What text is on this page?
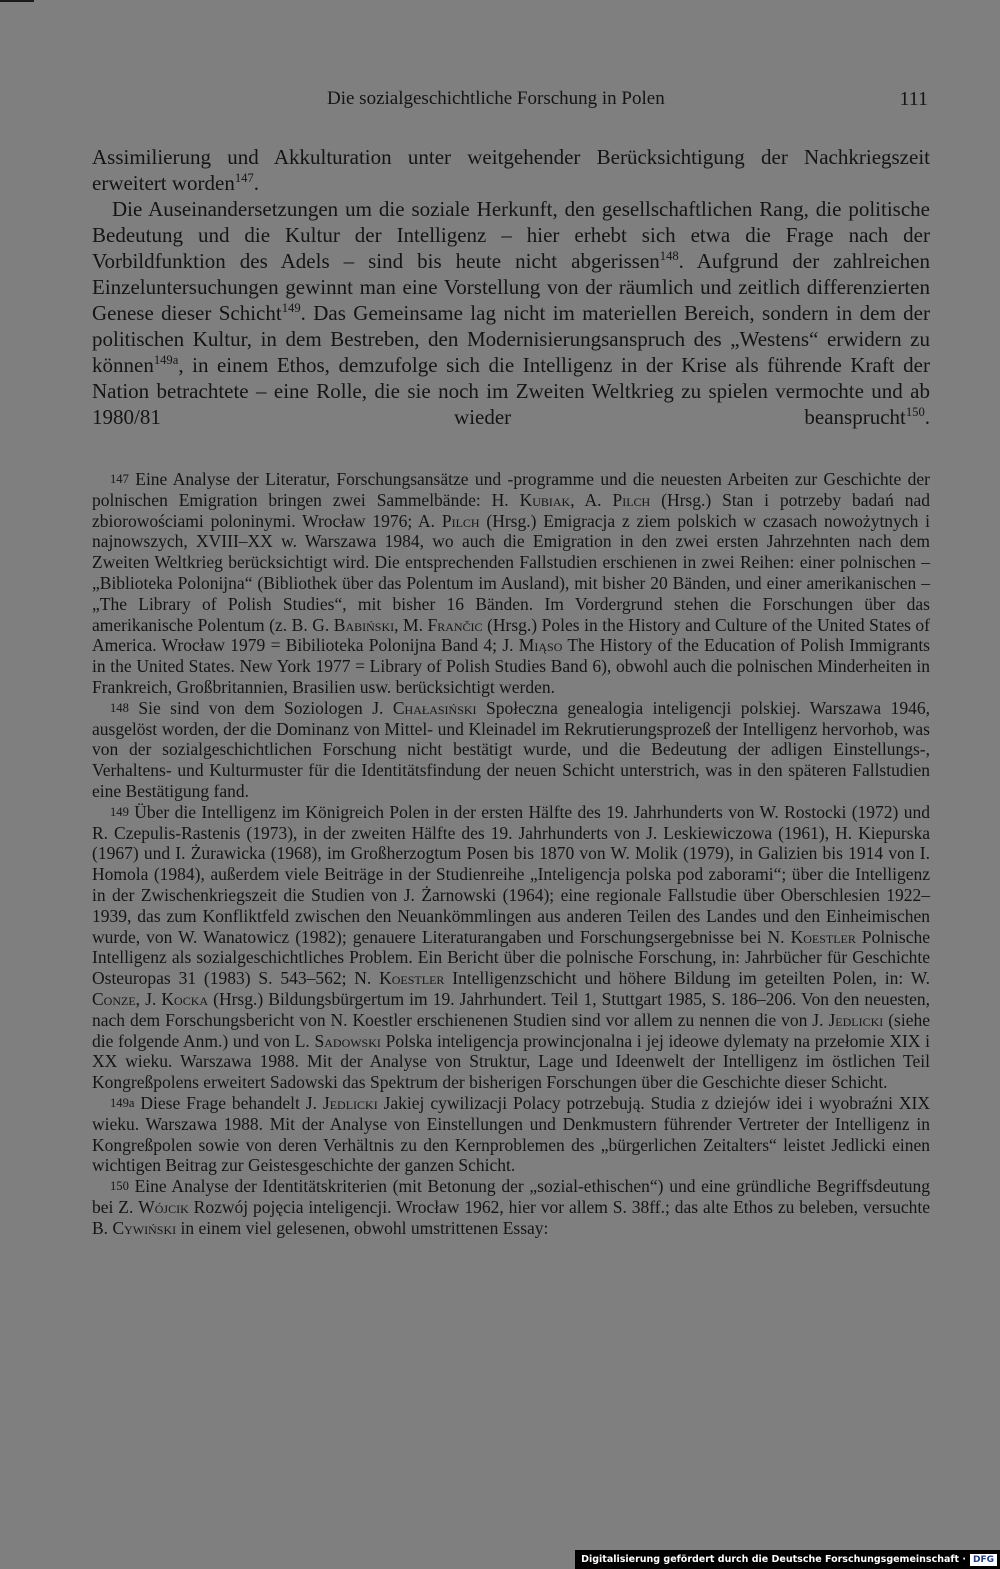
Die sozialgeschichtliche Forschung in Polen	111

Assimilierung und Akkulturation unter weitgehender Berücksichtigung der Nachkriegszeit erweitert worden$^{147}$.

Die Auseinandersetzungen um die soziale Herkunft, den gesellschaftlichen Rang, die politische Bedeutung und die Kultur der Intelligenz – hier erhebt sich etwa die Frage nach der Vorbildfunktion des Adels – sind bis heute nicht abgerissen$^{148}$. Aufgrund der zahlreichen Einzeluntersuchungen gewinnt man eine Vorstellung von der räumlich und zeitlich differenzierten Genese dieser Schicht$^{149}$. Das Gemeinsame lag nicht im materiellen Bereich, sondern in dem der politischen Kultur, in dem Bestreben, den Modernisierungsanspruch des „Westens“ erwidern zu können$^{149a}$, in einem Ethos, demzufolge sich die Intelligenz in der Krise als führende Kraft der Nation betrachtete – eine Rolle, die sie noch im Zweiten Weltkrieg zu spielen vermochte und ab 1980/81 wieder beansprucht$^{150}$.

147 Eine Analyse der Literatur, Forschungsansätze und -programme und die neuesten Arbeiten zur Geschichte der polnischen Emigration bringen zwei Sammelbände: H. Kubiak, A. Pilch (Hrsg.) Stan i potrzeby badań nad zbiorowościami poloninymi. Wrocław 1976; A. Pilch (Hrsg.) Emigracja z ziem polskich w czasach nowożytnych i najnowszych, XVIII–XX w. Warszawa 1984, wo auch die Emigration in den zwei ersten Jahrzehnten nach dem Zweiten Weltkrieg berücksichtigt wird. Die entsprechenden Fallstudien erschienen in zwei Reihen: einer polnischen – „Biblioteka Polonijna“ (Bibliothek über das Polentum im Ausland), mit bisher 20 Bänden, und einer amerikanischen – „The Library of Polish Studies“, mit bisher 16 Bänden. Im Vordergrund stehen die Forschungen über das amerikanische Polentum (z. B. G. Babiński, M. Frančic (Hrsg.) Poles in the History and Culture of the United States of America. Wrocław 1979 = Bibilioteka Polonijna Band 4; J. Miąso The History of the Education of Polish Immigrants in the United States. New York 1977 = Library of Polish Studies Band 6), obwohl auch die polnischen Minderheiten in Frankreich, Großbritannien, Brasilien usw. berücksichtigt werden.

148 Sie sind von dem Soziologen J. Chałasiński Społeczna genealogia inteligencji polskiej. Warszawa 1946, ausgelöst worden, der die Dominanz von Mittel- und Kleinadel im Rekrutierungsprozeß der Intelligenz hervorhob, was von der sozialgeschichtlichen Forschung nicht bestätigt wurde, und die Bedeutung der adligen Einstellungs-, Verhaltens- und Kulturmuster für die Identitätsfindung der neuen Schicht unterstrich, was in den späteren Fallstudien eine Bestätigung fand.

149 Über die Intelligenz im Königreich Polen in der ersten Hälfte des 19. Jahrhunderts von W. Rostocki (1972) und R. Czepulis-Rastenis (1973), in der zweiten Hälfte des 19. Jahrhunderts von J. Leskiewiczowa (1961), H. Kiepurska (1967) und I. Żurawicka (1968), im Großherzogtum Posen bis 1870 von W. Molik (1979), in Galizien bis 1914 von I. Homola (1984), außerdem viele Beiträge in der Studienreihe „Inteligencja polska pod zaborami“; über die Intelligenz in der Zwischenkriegszeit die Studien von J. Żarnowski (1964); eine regionale Fallstudie über Oberschlesien 1922–1939, das zum Konfliktfeld zwischen den Neuankömmlingen aus anderen Teilen des Landes und den Einheimischen wurde, von W. Wanatowicz (1982); genauere Literaturangaben und Forschungsergebnisse bei N. Koestler Polnische Intelligenz als sozialgeschichtliches Problem. Ein Bericht über die polnische Forschung, in: Jahrbücher für Geschichte Osteuropas 31 (1983) S. 543–562; N. Koestler Intelligenzschicht und höhere Bildung im geteilten Polen, in: W. Conze, J. Kocka (Hrsg.) Bildungsbürgertum im 19. Jahrhundert. Teil 1, Stuttgart 1985, S. 186–206. Von den neuesten, nach dem Forschungsbericht von N. Koestler erschienenen Studien sind vor allem zu nennen die von J. Jedlicki (siehe die folgende Anm.) und von L. Sadowski Polska inteligencja prowincjonalna i jej ideowe dylematy na przełomie XIX i XX wieku. Warszawa 1988. Mit der Analyse von Struktur, Lage und Ideenwelt der Intelligenz im östlichen Teil Kongreßpolens erweitert Sadowski das Spektrum der bisherigen Forschungen über die Geschichte dieser Schicht.

149a Diese Frage behandelt J. Jedlicki Jakiej cywilizacji Polacy potrzebują. Studia z dziejów idei i wyobraźni XIX wieku. Warszawa 1988. Mit der Analyse von Einstellungen und Denkmustern führender Vertreter der Intelligenz in Kongreßpolen sowie von deren Verhältnis zu den Kernproblemen des „bürgerlichen Zeitalters“ leistet Jedlicki einen wichtigen Beitrag zur Geistesgeschichte der ganzen Schicht.

150 Eine Analyse der Identitätskriterien (mit Betonung der „sozial-ethischen“) und eine gründliche Begriffsdeutung bei Z. Wójcik Rozwój pojęcia inteligencji. Wrocław 1962, hier vor allem S. 38ff.; das alte Ethos zu beleben, versuchte B. Cywiński in einem viel gelesenen, obwohl umstrittenen Essay:

Digitalisierung gefördert durch die Deutsche Forschungsgemeinschaft · DFG
